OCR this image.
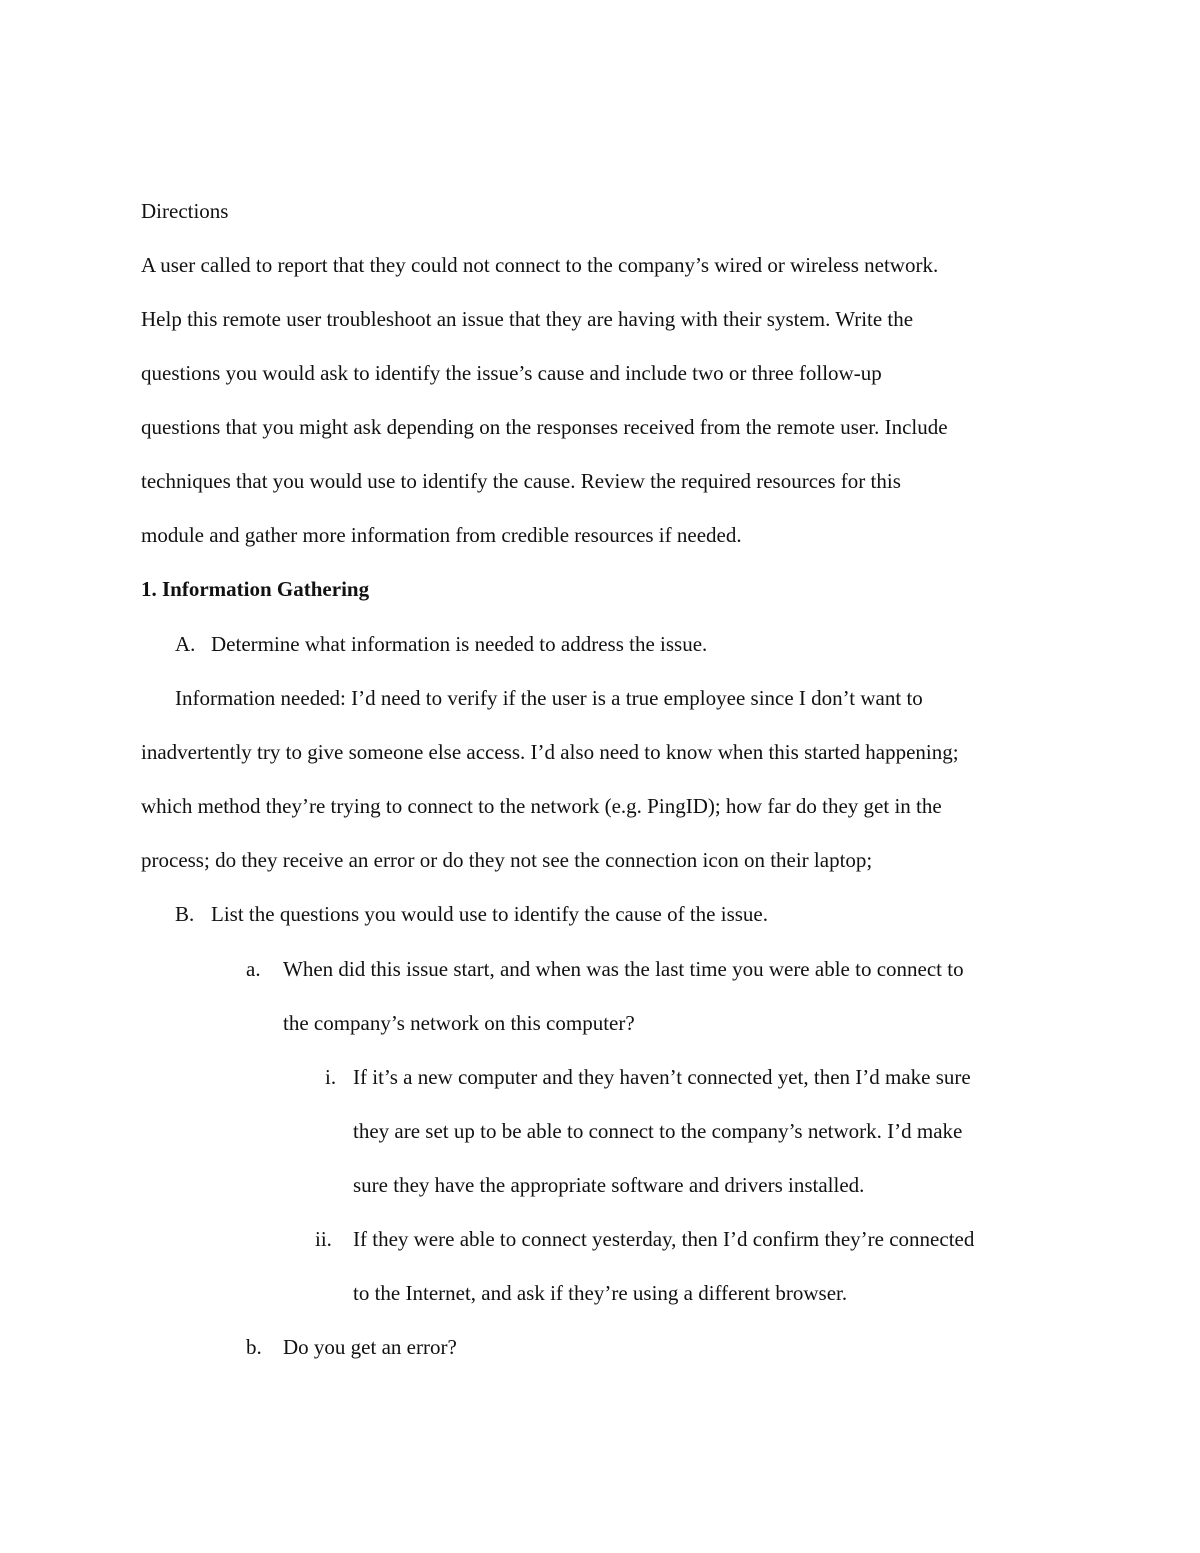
Directions
A user called to report that they could not connect to the company’s wired or wireless network.
Help this remote user troubleshoot an issue that they are having with their system. Write the
questions you would ask to identify the issue’s cause and include two or three follow-up
questions that you might ask depending on the responses received from the remote user. Include
techniques that you would use to identify the cause. Review the required resources for this
module and gather more information from credible resources if needed.
1. Information Gathering
A. Determine what information is needed to address the issue.
Information needed: I’d need to verify if the user is a true employee since I don’t want to
inadvertently try to give someone else access. I’d also need to know when this started happening;
which method they’re trying to connect to the network (e.g. PingID); how far do they get in the
process; do they receive an error or do they not see the connection icon on their laptop;
B. List the questions you would use to identify the cause of the issue.
a. When did this issue start, and when was the last time you were able to connect to
the company’s network on this computer?
i. If it’s a new computer and they haven’t connected yet, then I’d make sure
they are set up to be able to connect to the company’s network. I’d make
sure they have the appropriate software and drivers installed.
ii. If they were able to connect yesterday, then I’d confirm they’re connected
to the Internet, and ask if they’re using a different browser.
b. Do you get an error?
